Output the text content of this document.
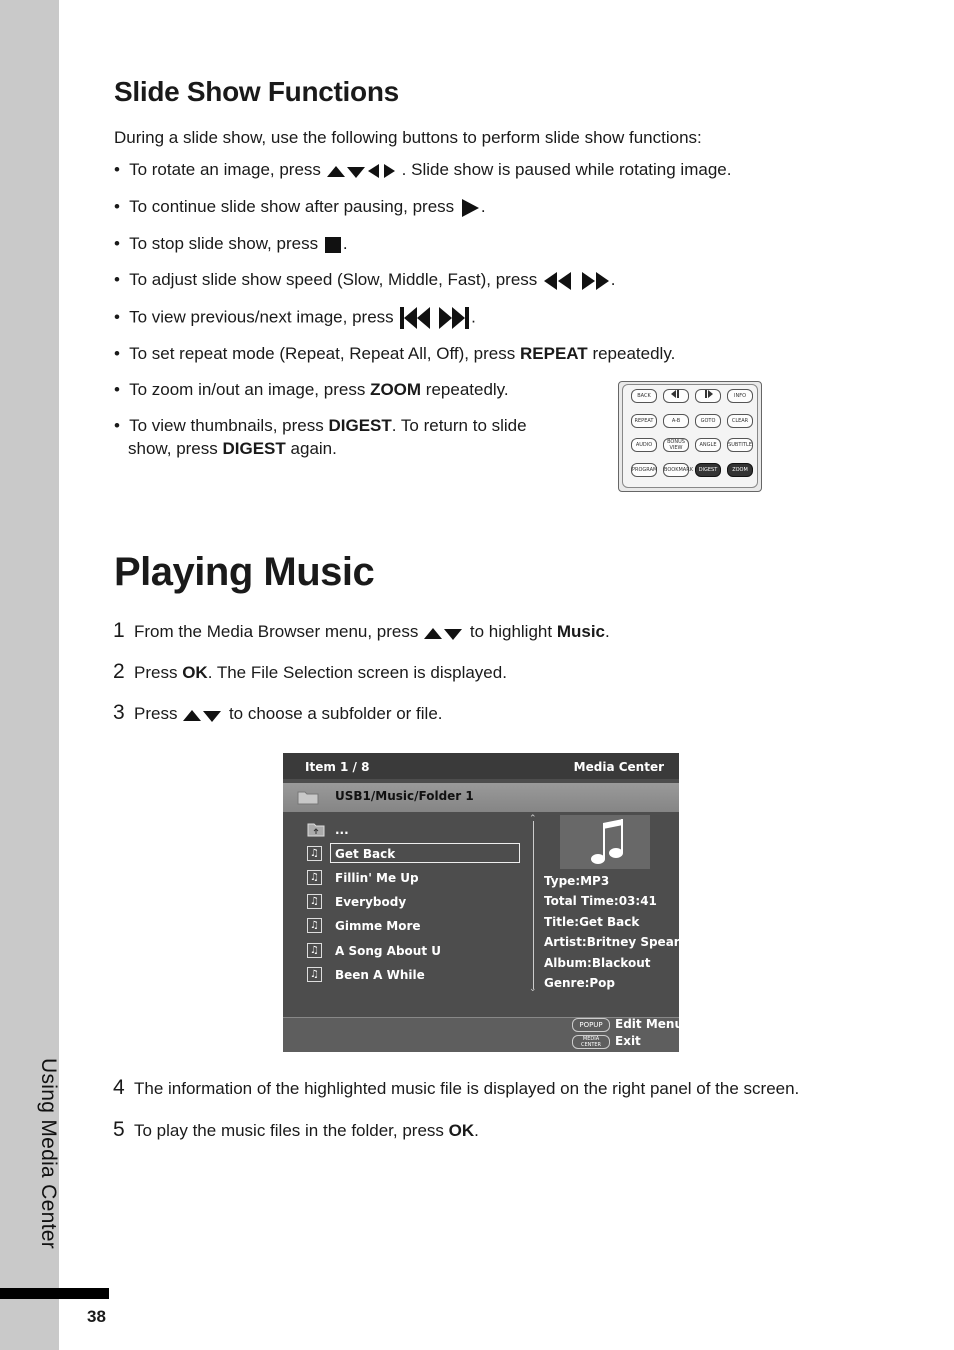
Using Media Center
38
Slide Show Functions
During a slide show, use the following buttons to perform slide show functions:
•  To rotate an image, press	. Slide show is paused while rotating image.
•  To continue slide show after pausing, press .
•  To stop slide show, press .
•  To adjust slide show speed (Slow, Middle, Fast), press	.
•  To view previous/next image, press	.
•  To set repeat mode (Repeat, Repeat All, Off), press REPEAT repeatedly.
•  To zoom in/out an image, press ZOOM repeatedly.
•  To view thumbnails, press DIGEST. To return to slide
show, press DIGEST again.
BACK	INFO
REPEAT	A-B	GOTO	CLEAR
AUDIO	BONUS VIEW	ANGLE	SUBTITLE
PROGRAM BOOKMARK	DIGEST	ZOOM
Playing Music
1 From the Media Browser menu, press	to highlight Music.
2 Press OK. The File Selection screen is displayed.
3 Press	to choose a subfolder or file.
Item 1 / 8	Media Center
USB1/Music/Folder 1
...
♫ Get Back
♫ Fillin' Me Up
♫ Everybody
♫ Gimme More
♫ A Song About U
♫ Been A While
⌃
⌄
Type:MP3
Total Time:03:41
Title:Get Back
Artist:Britney Spears
Album:Blackout
Genre:Pop
POPUP	Edit Menu
MEDIA CENTER	Exit
4 The information of the highlighted music file is displayed on the right panel of the screen.
5 To play the music files in the folder, press OK.
